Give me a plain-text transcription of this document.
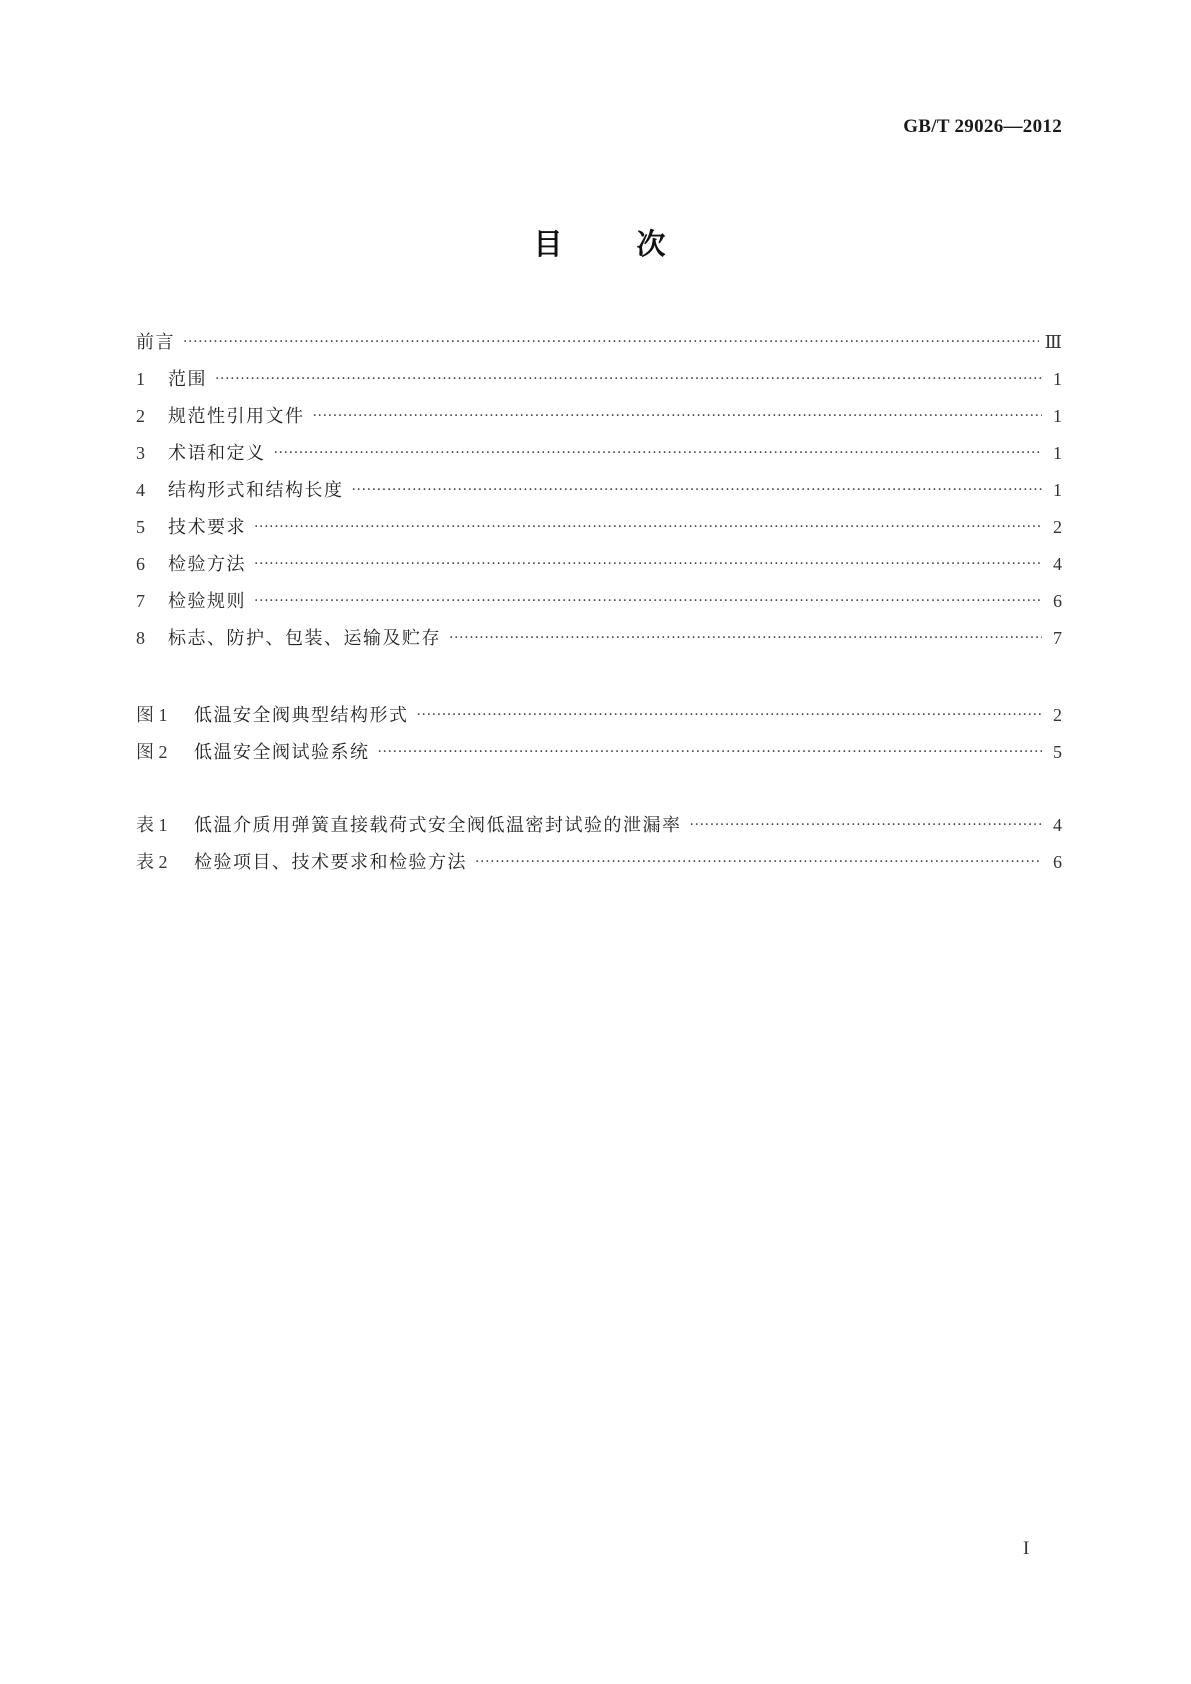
GB/T 29026—2012
目 次
前言 ·····	Ⅲ
1	范围 ·····	1
2	规范性引用文件 ·····	1
3	术语和定义 ·····	1
4	结构形式和结构长度 ·····	1
5	技术要求 ·····	2
6	检验方法 ·····	4
7	检验规则 ·····	6
8	标志、防护、包装、运输及贮存 ·····	7
图 1	低温安全阀典型结构形式 ·····	2
图 2	低温安全阀试验系统 ·····	5
表 1	低温介质用弹簧直接载荷式安全阀低温密封试验的泄漏率 ·····	4
表 2	检验项目、技术要求和检验方法 ·····	6
I
